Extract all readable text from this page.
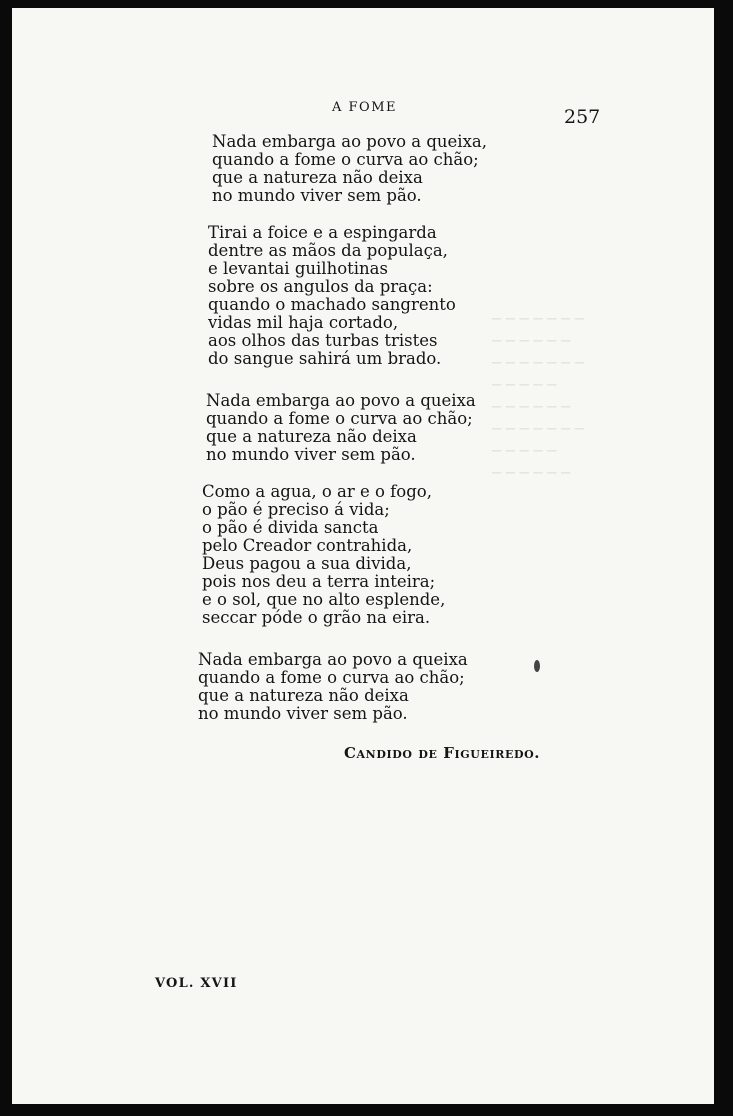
─ ─ ─ ─ ─ ─ ─
─ ─ ─ ─ ─ ─
─ ─ ─ ─ ─ ─ ─
─ ─ ─ ─ ─
─ ─ ─ ─ ─ ─
─ ─ ─ ─ ─ ─ ─
─ ─ ─ ─ ─
─ ─ ─ ─ ─ ─
A FOME	257
Nada embarga ao povo a queixa,
quando a fome o curva ao chão;
que a natureza não deixa
no mundo viver sem pão.
Tirai a foice e a espingarda
dentre as mãos da populaça,
e levantai guilhotinas
sobre os angulos da praça:
quando o machado sangrento
vidas mil haja cortado,
aos olhos das turbas tristes
do sangue sahirá um brado.
Nada embarga ao povo a queixa
quando a fome o curva ao chão;
que a natureza não deixa
no mundo viver sem pão.
Como a agua, o ar e o fogo,
o pão é preciso á vida;
o pão é divida sancta
pelo Creador contrahida,
Deus pagou a sua divida,
pois nos deu a terra inteira;
e o sol, que no alto esplende,
seccar póde o grão na eira.
Nada embarga ao povo a queixa
quando a fome o curva ao chão;
que a natureza não deixa
no mundo viver sem pão.
Candido de Figueiredo.
VOL. XVII
